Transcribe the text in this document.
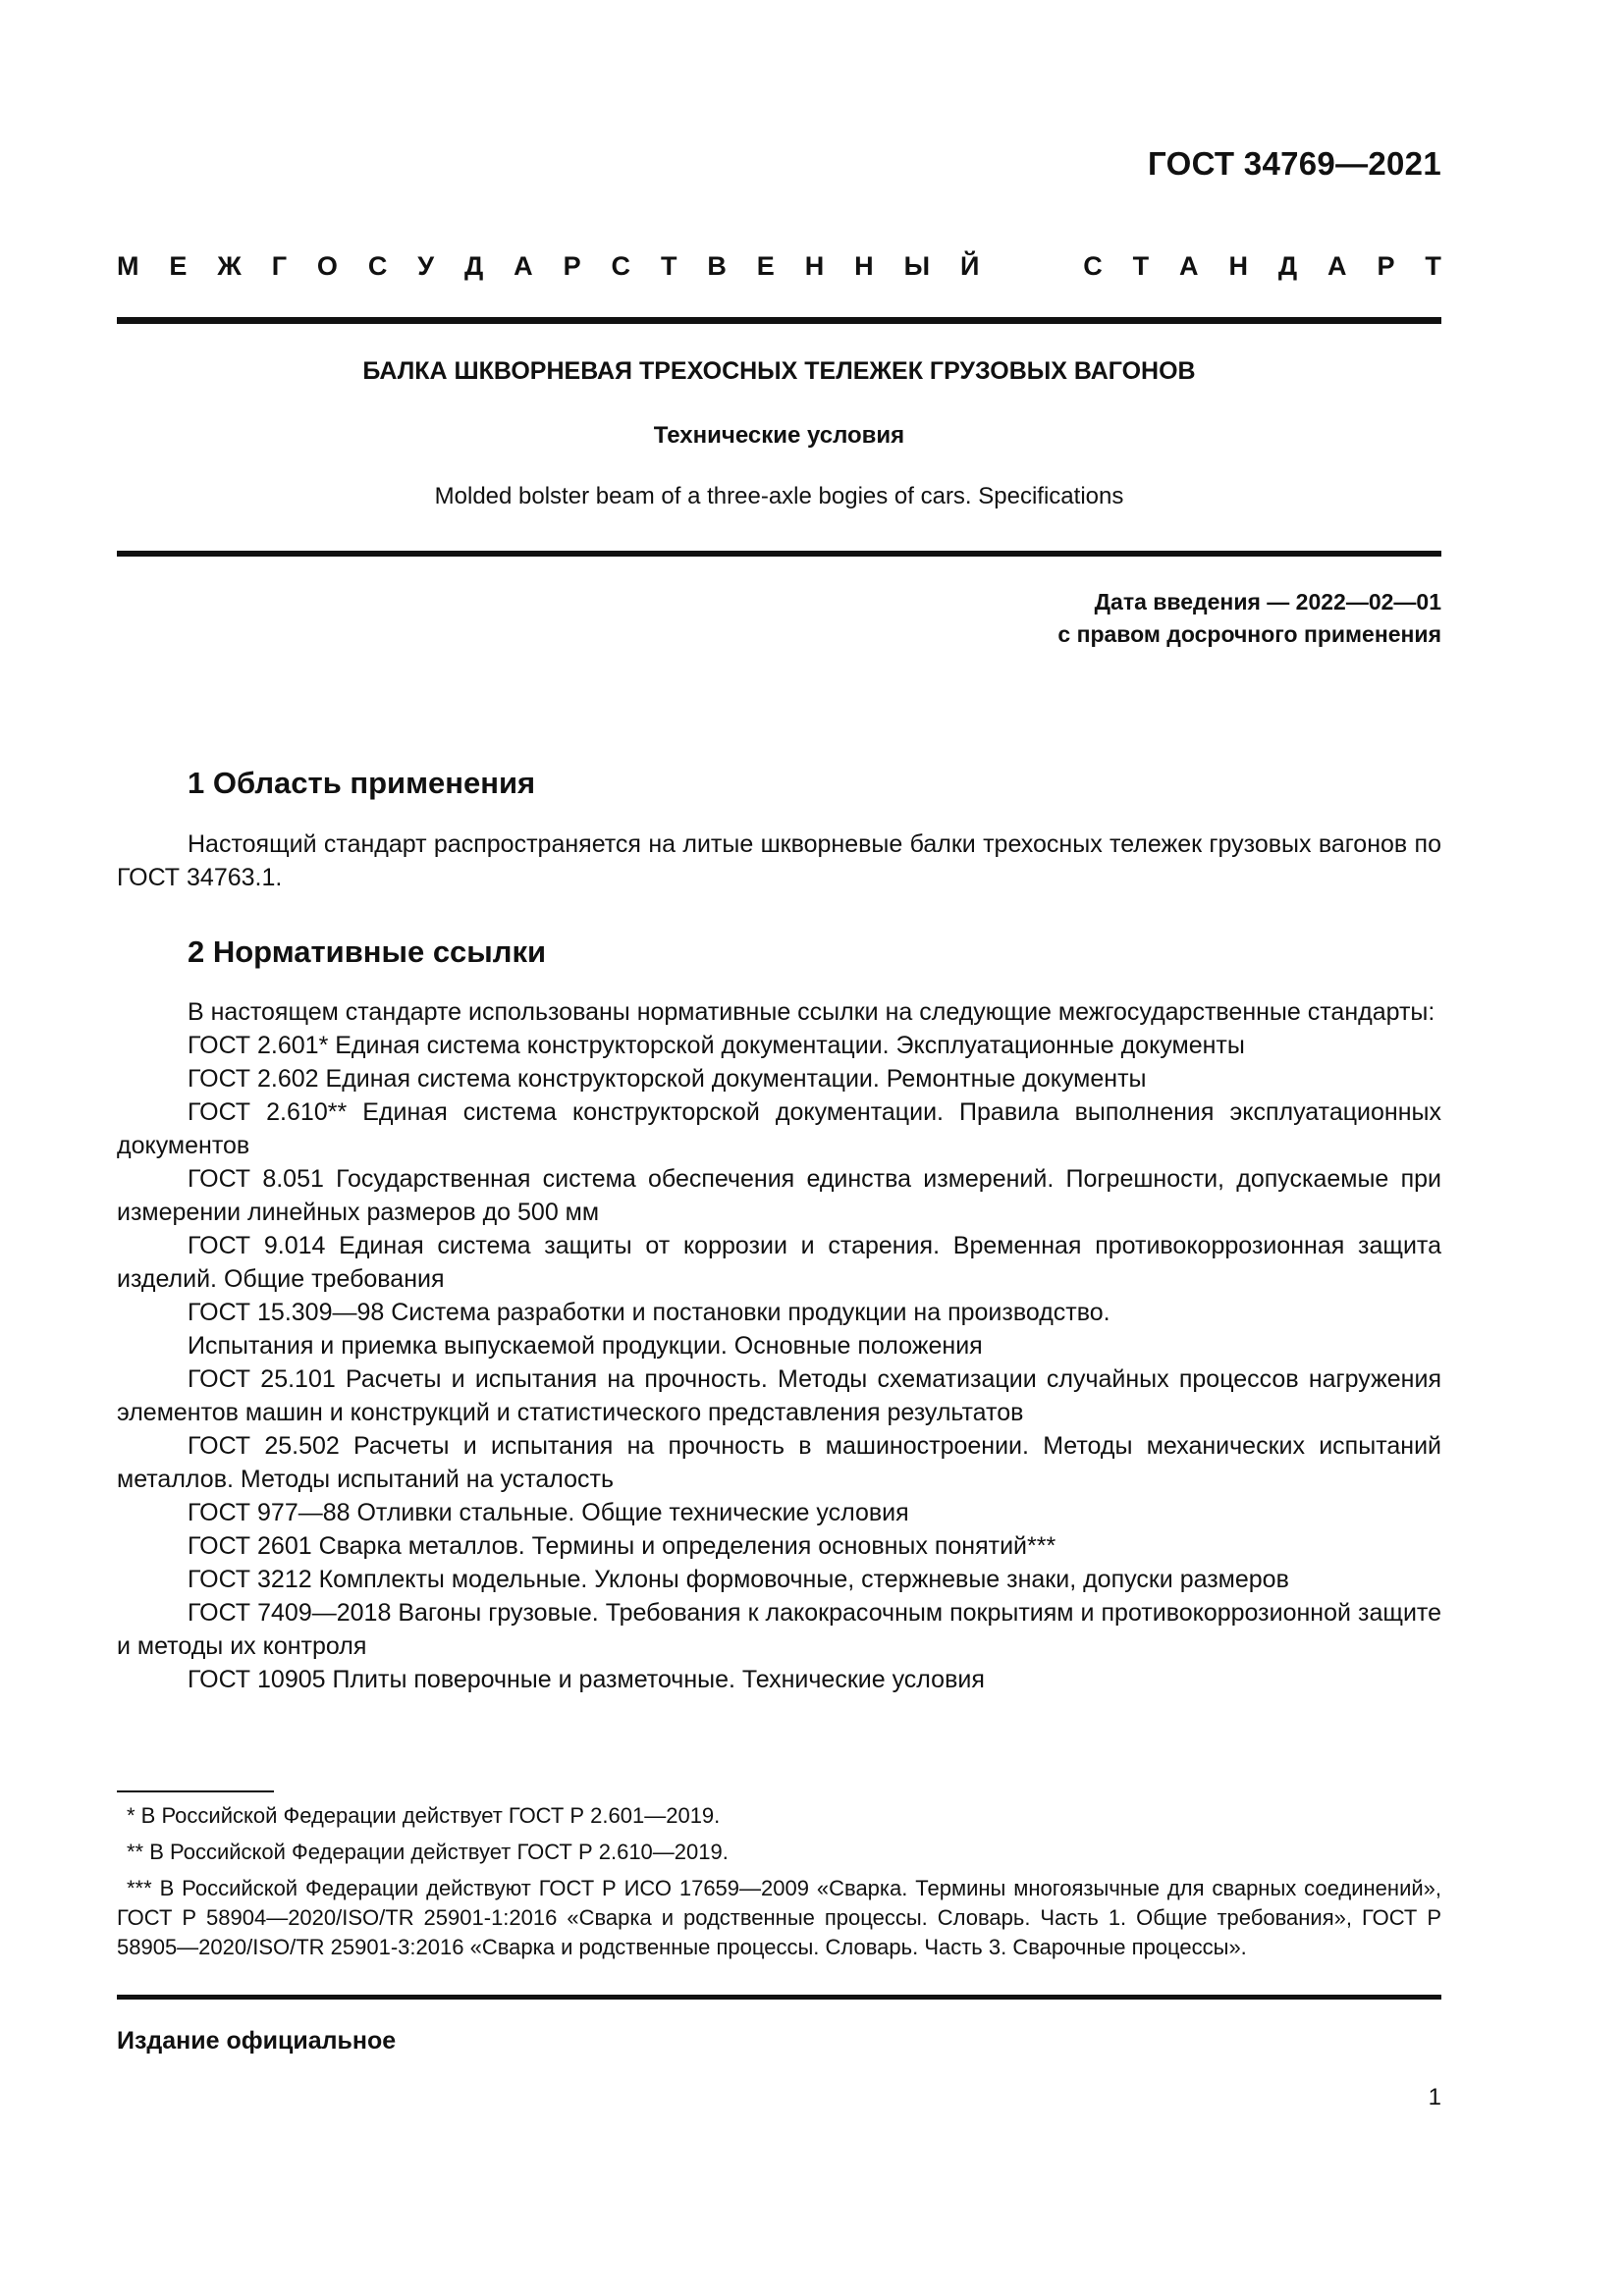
ГОСТ 34769—2021
М Е Ж Г О С У Д А Р С Т В Е Н Н Ы Й	С Т А Н Д А Р Т
БАЛКА ШКВОРНЕВАЯ ТРЕХОСНЫХ ТЕЛЕЖЕК ГРУЗОВЫХ ВАГОНОВ
Технические условия
Molded bolster beam of a three-axle bogies of cars. Specifications
Дата введения — 2022—02—01
с правом досрочного применения
1 Область применения

Настоящий стандарт распространяется на литые шкворневые балки трехосных тележек грузовых вагонов по ГОСТ 34763.1.

2 Нормативные ссылки

В настоящем стандарте использованы нормативные ссылки на следующие межгосударственные стандарты:

ГОСТ 2.601* Единая система конструкторской документации. Эксплуатационные документы

ГОСТ 2.602 Единая система конструкторской документации. Ремонтные документы

ГОСТ 2.610** Единая система конструкторской документации. Правила выполнения эксплуатационных документов

ГОСТ 8.051 Государственная система обеспечения единства измерений. Погрешности, допускаемые при измерении линейных размеров до 500 мм

ГОСТ 9.014 Единая система защиты от коррозии и старения. Временная противокоррозионная защита изделий. Общие требования

ГОСТ 15.309—98 Система разработки и постановки продукции на производство.

Испытания и приемка выпускаемой продукции. Основные положения

ГОСТ 25.101 Расчеты и испытания на прочность. Методы схематизации случайных процессов нагружения элементов машин и конструкций и статистического представления результатов

ГОСТ 25.502 Расчеты и испытания на прочность в машиностроении. Методы механических испытаний металлов. Методы испытаний на усталость

ГОСТ 977—88 Отливки стальные. Общие технические условия

ГОСТ 2601 Сварка металлов. Термины и определения основных понятий***

ГОСТ 3212 Комплекты модельные. Уклоны формовочные, стержневые знаки, допуски размеров

ГОСТ 7409—2018 Вагоны грузовые. Требования к лакокрасочным покрытиям и противокоррозионной защите и методы их контроля

ГОСТ 10905 Плиты поверочные и разметочные. Технические условия

* В Российской Федерации действует ГОСТ Р 2.601—2019.

** В Российской Федерации действует ГОСТ Р 2.610—2019.

*** В Российской Федерации действуют ГОСТ Р ИСО 17659—2009 «Сварка. Термины многоязычные для сварных соединений», ГОСТ Р 58904—2020/ISO/TR 25901-1:2016 «Сварка и родственные процессы. Словарь. Часть 1. Общие требования», ГОСТ Р 58905—2020/ISO/TR 25901-3:2016 «Сварка и родственные процессы. Словарь. Часть 3. Сварочные процессы».

Издание официальное
1
